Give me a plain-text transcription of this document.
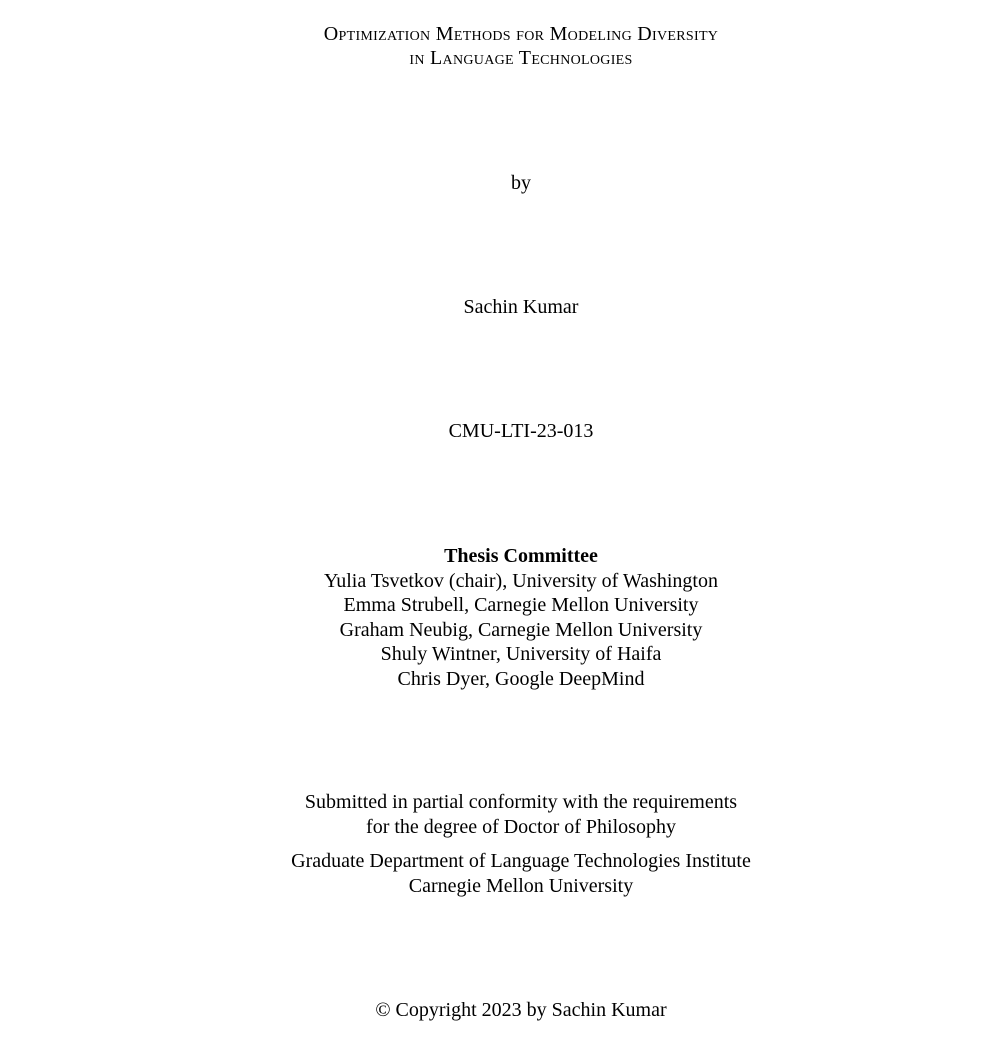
Optimization Methods for Modeling Diversity
in Language Technologies
by
Sachin Kumar
CMU-LTI-23-013
Thesis Committee
Yulia Tsvetkov (chair), University of Washington
Emma Strubell, Carnegie Mellon University
Graham Neubig, Carnegie Mellon University
Shuly Wintner, University of Haifa
Chris Dyer, Google DeepMind
Submitted in partial conformity with the requirements
for the degree of Doctor of Philosophy
Graduate Department of Language Technologies Institute
Carnegie Mellon University
© Copyright 2023 by Sachin Kumar
